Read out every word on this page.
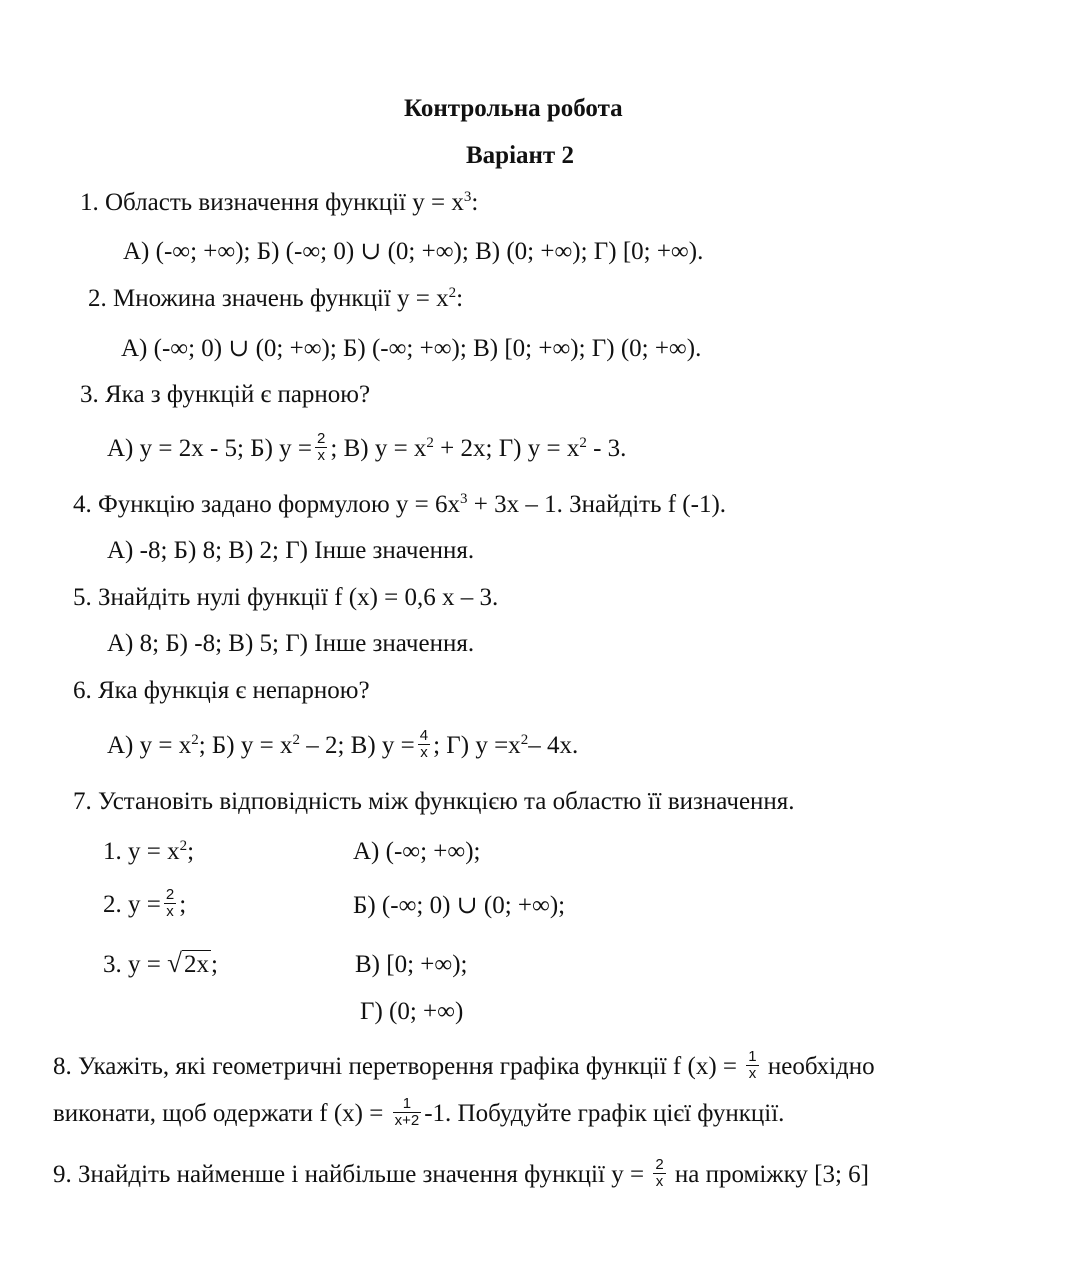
Контрольна робота
Варіант 2
1. Область визначення функції $у = x^3$:
А) (-∞; +∞); Б) (-∞; 0) ∪ (0; +∞); В) (0; +∞); Г) [0; +∞).
2. Множина значень функції $у = x^2$:
А) (-∞; 0) ∪ (0; +∞); Б) (-∞; +∞); В) [0; +∞); Г) (0; +∞).
3. Яка з функцій є парною?
А) у = 2х - 5; Б) $у = \frac{2}{x}$ ; В) $у = х^2 + 2х$; Г) $у = х^2 - 3$.
4. Функцію задано формулою $у = 6х^3 + 3х - 1$. Знайдіть f (-1).
А) -8; Б) 8; В) 2; Г) Інше значення.
5. Знайдіть нулі функції f (x) = 0,6 x – 3.
А) 8; Б) -8; В) 5; Г) Інше значення.
6. Яка функція є непарною?
А) $у = х^2$; Б) $у = х^2 - 2$; В) $у = \frac{4}{x}$ ; Г) $у =х^2-$ 4х.
7. Установіть відповідність між функцією та областю її визначення.
1. $у = х^2$;
2. $у = \frac{2}{x}$ ;
3. у = √2х;
А) (-∞; +∞);
Б) (-∞; 0) ∪ (0; +∞);
В) [0; +∞);
Г) (0; +∞)
8. Укажіть, які геометричні перетворення графіка функції f $(x) = \frac{1}{x}$ необхідно
виконати, щоб одержати f $(x) = \frac{1}{x+2} -1$. Побудуйте графік цієї функції.
9. Знайдіть найменше і найбільше значення функції $у = \frac{2}{x}$ на проміжку [3; 6]
